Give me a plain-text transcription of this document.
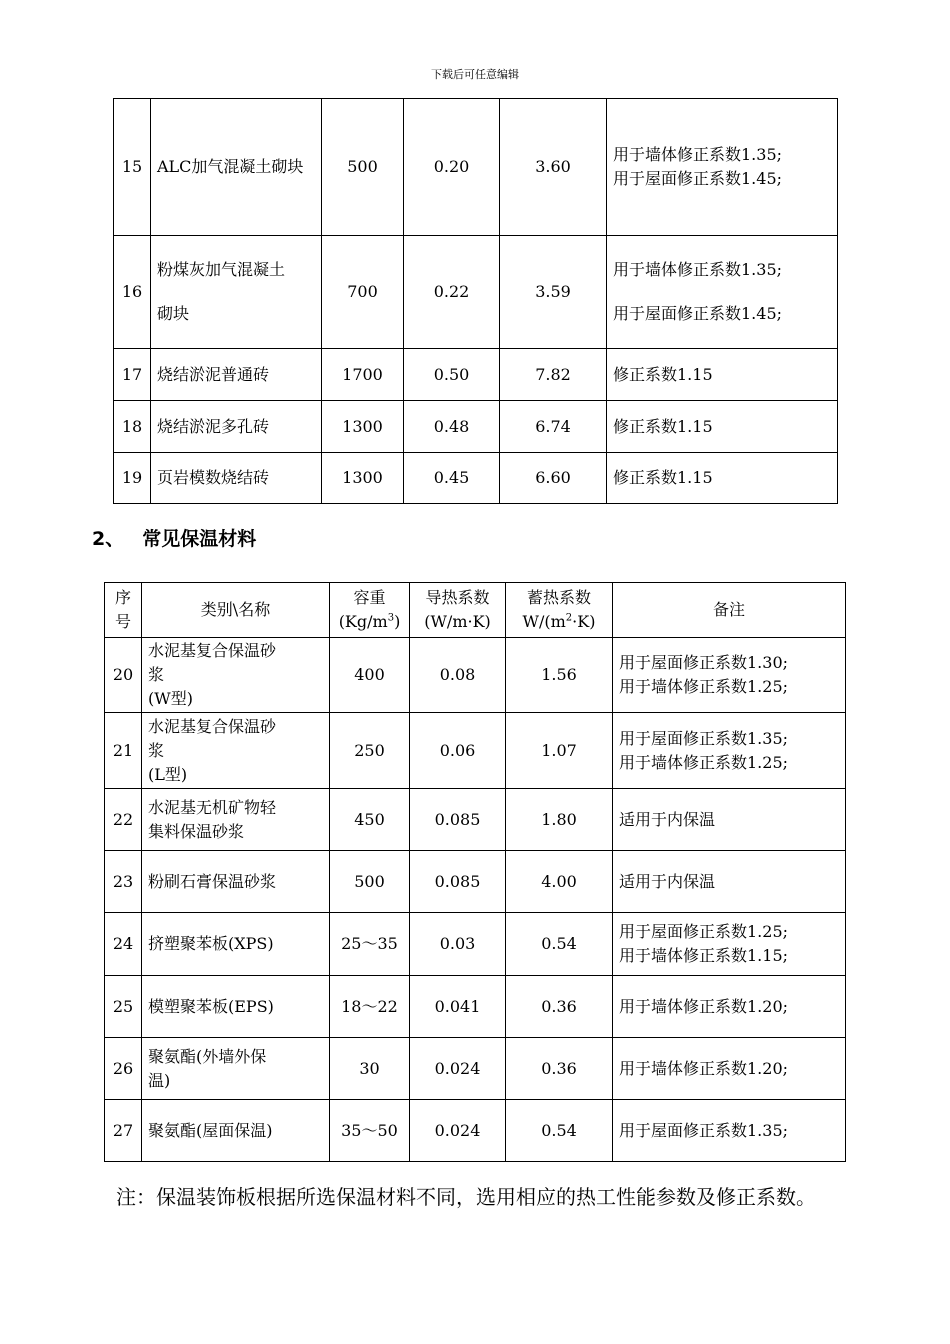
下载后可任意编辑
15	ALC加气混凝土砌块	500	0.20	3.60	用于墙体修正系数1.35;
用于屋面修正系数1.45;

16	粉煤灰加气混凝土
砌块	700	0.22	3.59	用于墙体修正系数1.35;
用于屋面修正系数1.45;

17	烧结淤泥普通砖	1700	0.50	7.82	修正系数1.15
18	烧结淤泥多孔砖	1300	0.48	6.74	修正系数1.15
19	页岩模数烧结砖	1300	0.45	6.60	修正系数1.15
2、 常见保温材料
序
号	类别\名称	容重
$(Kg/m^3)$	导热系数
(W/m·K)	蓄热系数
$W/(m^2\cdot K)$	备注
20	水泥基复合保温砂
浆
(W型)	400	0.08	1.56	用于屋面修正系数1.30;
用于墙体修正系数1.25;

21	水泥基复合保温砂
浆
(L型)	250	0.06	1.07	用于屋面修正系数1.35;
用于墙体修正系数1.25;

22	水泥基无机矿物轻
集料保温砂浆	450	0.085	1.80	适用于内保温
23	粉刷石膏保温砂浆	500	0.085	4.00	适用于内保温
24	挤塑聚苯板(XPS)	25～35	0.03	0.54	用于屋面修正系数1.25;
用于墙体修正系数1.15;

25	模塑聚苯板(EPS)	18～22	0.041	0.36	用于墙体修正系数1.20;
26	聚氨酯(外墙外保
温)	30	0.024	0.36	用于墙体修正系数1.20;
27	聚氨酯(屋面保温)	35～50	0.024	0.54	用于屋面修正系数1.35;
注：保温装饰板根据所选保温材料不同，选用相应的热工性能参数及修正系数。
